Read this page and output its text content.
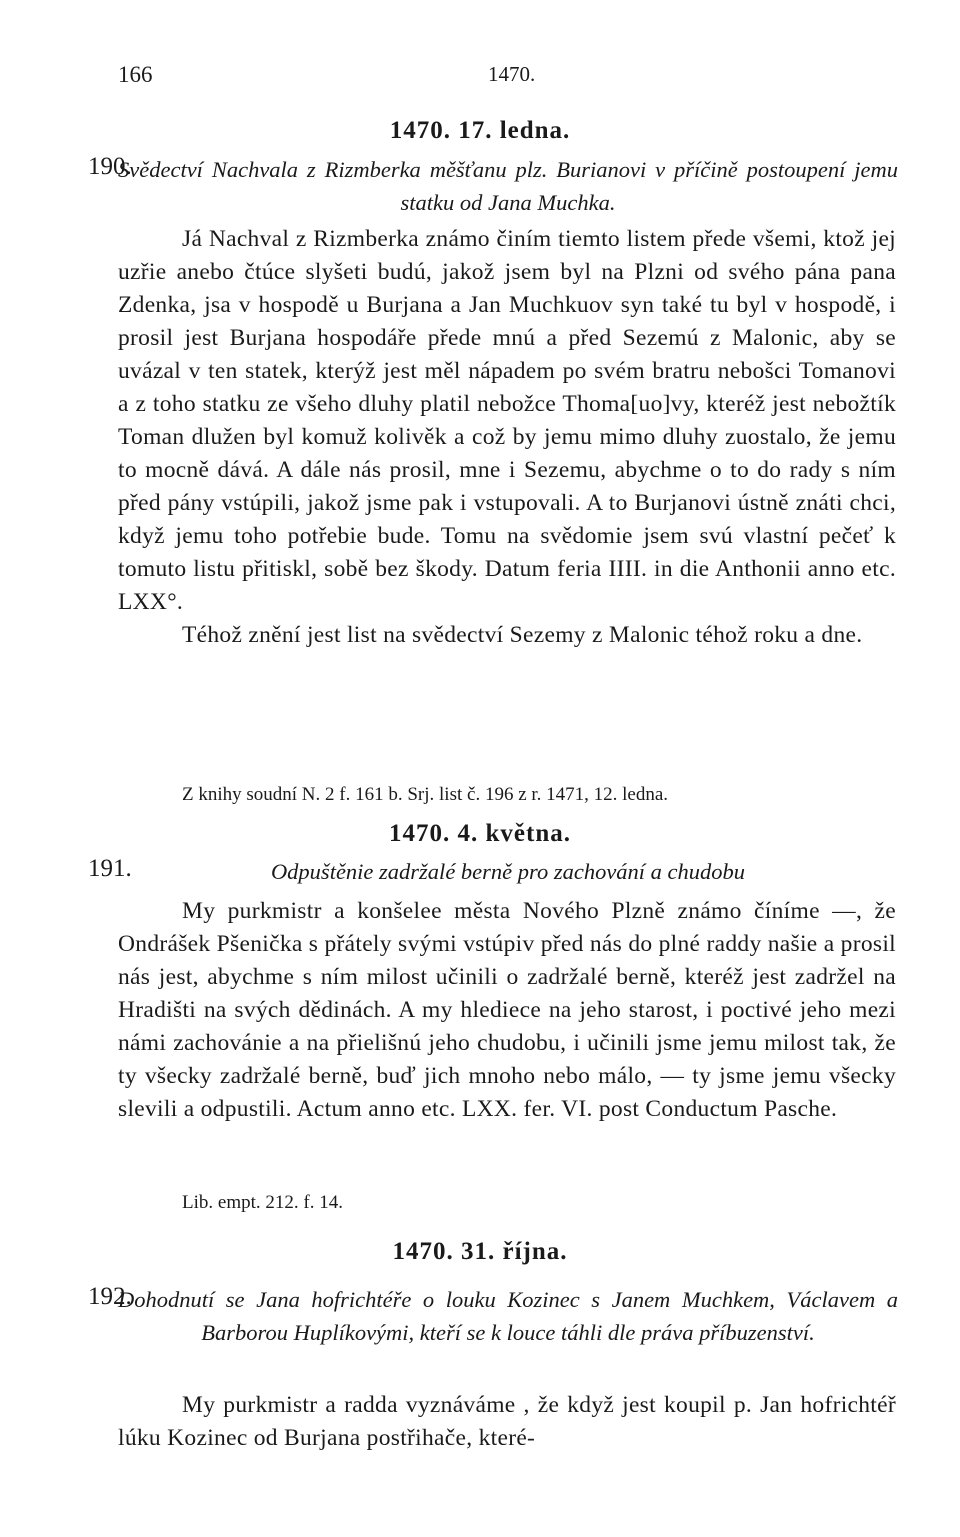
166	1470.
1470. 17. ledna.
190.
Svědectví Nachvala z Rizmberka měšťanu plz. Burianovi v příčině postoupení jemu statku od Jana Muchka.

Já Nachval z Rizmberka známo činím tiemto listem přede všemi, ktož jej uzřie anebo čtúce slyšeti budú, jakož jsem byl na Plzni od svého pána pana Zdenka, jsa v hospodě u Burjana a Jan Muchkuov syn také tu byl v hospodě, i prosil jest Burjana hospodáře přede mnú a před Sezemú z Malonic, aby se uvázal v ten statek, kterýž jest měl nápadem po svém bratru nebošci Tomanovi a z toho statku ze všeho dluhy platil nebožce Thoma[uo]vy, kteréž jest nebožtík Toman dlužen byl komuž kolivěk a což by jemu mimo dluhy zuostalo, že jemu to mocně dává. A dále nás prosil, mne i Sezemu, abychme o to do rady s ním před pány vstúpili, jakož jsme pak i vstupovali. A to Burjanovi ústně znáti chci, když jemu toho potřebie bude. Tomu na svědomie jsem svú vlastní pečeť k tomuto listu přitiskl, sobě bez škody. Datum feria IIII. in die Anthonii anno etc. LXX°.

Téhož znění jest list na svědectví Sezemy z Malonic téhož roku a dne.

Z knihy soudní N. 2 f. 161 b. Srj. list č. 196 z r. 1471, 12. ledna.
1470. 4. května.
191.	Odpuštěnie zadržalé berně pro zachování a chudobu

My purkmistr a konšelee města Nového Plzně známo číníme —, že Ondrášek Pšenička s přátely svými vstúpiv před nás do plné raddy našie a prosil nás jest, abychme s ním milost učinili o zadržalé berně, kteréž jest zadržel na Hradišti na svých dědinách. A my hlediece na jeho starost, i poctivé jeho mezi námi zachovánie a na přielišnú jeho chudobu, i učinili jsme jemu milost tak, že ty všecky zadržalé berně, buď jich mnoho nebo málo, — ty jsme jemu všecky slevili a odpustili. Actum anno etc. LXX. fer. VI. post Conductum Pasche.

Lib. empt. 212. f. 14.
1470. 31. října.
192.
Dohodnutí se Jana hofrichtéře o louku Kozinec s Janem Muchkem, Václavem a Barborou Huplíkovými, kteří se k louce táhli dle práva příbuzenství.

My purkmistr a radda vyznáváme , že když jest koupil p. Jan hofrichtéř lúku Kozinec od Burjana postřihače, které-
